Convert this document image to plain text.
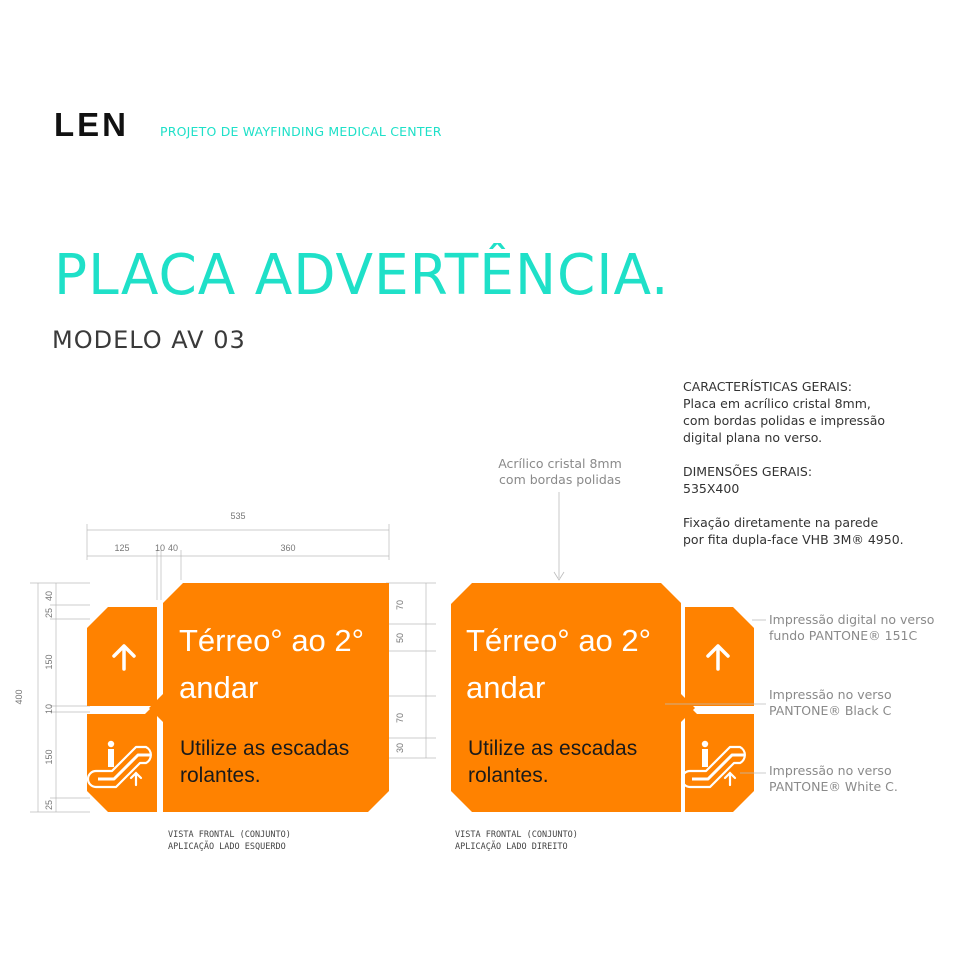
LEN PROJETO DE WAYFINDING MEDICAL CENTER
PLACA ADVERTÊNCIA.
MODELO AV 03
CARACTERÍSTICAS GERAIS:
Placa em acrílico cristal 8mm,
com bordas polidas e impressão
digital plana no verso.
DIMENSÕES GERAIS:
535X400
Fixação diretamente na parede
por fita dupla-face VHB 3M® 4950.
Acrílico cristal 8mm
com bordas polidas
Impressão digital no verso
fundo PANTONE® 151C
Impressão no verso
PANTONE® Black C
Impressão no verso
PANTONE® White C.
VISTA FRONTAL (CONJUNTO)
APLICAÇÃO LADO ESQUERDO
VISTA FRONTAL (CONJUNTO)
APLICAÇÃO LADO DIREITO
535
125	10 40	360
400
40
25
150
10
150
25
70
50
70
30
Térreo° ao 2°
andar
Utilize as escadas
rolantes.
Térreo° ao 2°
andar
Utilize as escadas
rolantes.
